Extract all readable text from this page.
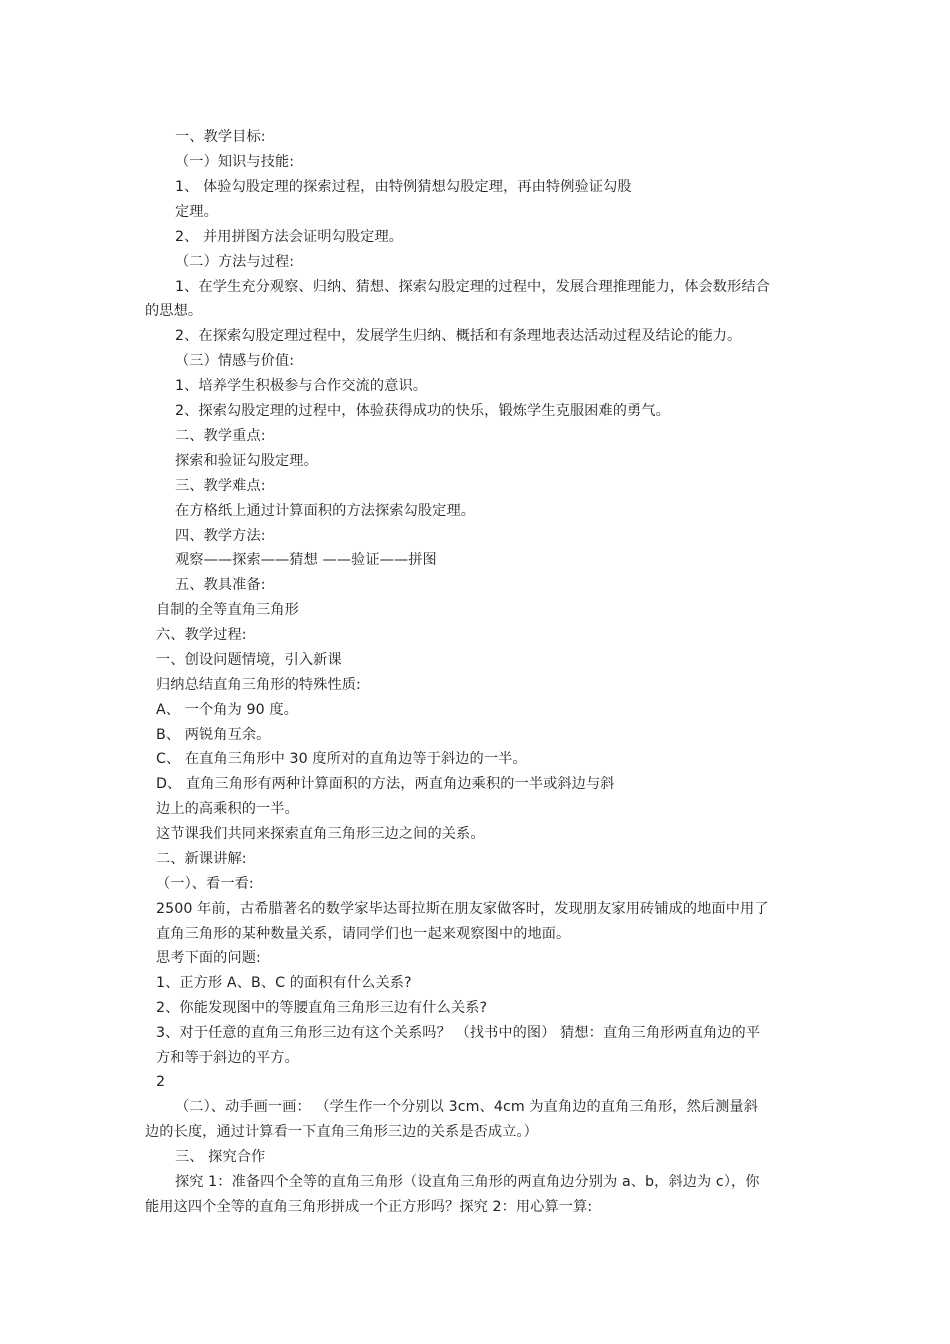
一、教学目标:
（一）知识与技能:
1、 体验勾股定理的探索过程，由特例猜想勾股定理，再由特例验证勾股
定理。
2、 并用拼图方法会证明勾股定理。
（二）方法与过程:
1、在学生充分观察、归纳、猜想、探索勾股定理的过程中，发展合理推理能力，体会数形结合
的思想。
2、在探索勾股定理过程中，发展学生归纳、概括和有条理地表达活动过程及结论的能力。
（三）情感与价值:
1、培养学生积极参与合作交流的意识。
2、探索勾股定理的过程中，体验获得成功的快乐，锻炼学生克服困难的勇气。
二、教学重点:
探索和验证勾股定理。
三、教学难点:
在方格纸上通过计算面积的方法探索勾股定理。
四、教学方法:
观察——探索——猜想 ——验证——拼图
五、教具准备:
自制的全等直角三角形
六、教学过程:
一、创设问题情境，引入新课
归纳总结直角三角形的特殊性质:
A、 一个角为 90 度。
B、 两锐角互余。
C、 在直角三角形中 30 度所对的直角边等于斜边的一半。
D、 直角三角形有两种计算面积的方法，两直角边乘积的一半或斜边与斜
边上的高乘积的一半。
这节课我们共同来探索直角三角形三边之间的关系。
二、新课讲解:
（一）、看一看:
2500 年前，古希腊著名的数学家毕达哥拉斯在朋友家做客时，发现朋友家用砖铺成的地面中用了
直角三角形的某种数量关系，请同学们也一起来观察图中的地面。
思考下面的问题:
1、正方形 A、B、C 的面积有什么关系?
2、你能发现图中的等腰直角三角形三边有什么关系?
3、对于任意的直角三角形三边有这个关系吗？ （找书中的图） 猜想：直角三角形两直角边的平
方和等于斜边的平方。
2
（二）、动手画一画： （学生作一个分别以 3cm、4cm 为直角边的直角三角形，然后测量斜
边的长度，通过计算看一下直角三角形三边的关系是否成立。）
三、 探究合作
探究 1：准备四个全等的直角三角形（设直角三角形的两直角边分别为 a、b，斜边为 c），你
能用这四个全等的直角三角形拼成一个正方形吗？探究 2：用心算一算:
